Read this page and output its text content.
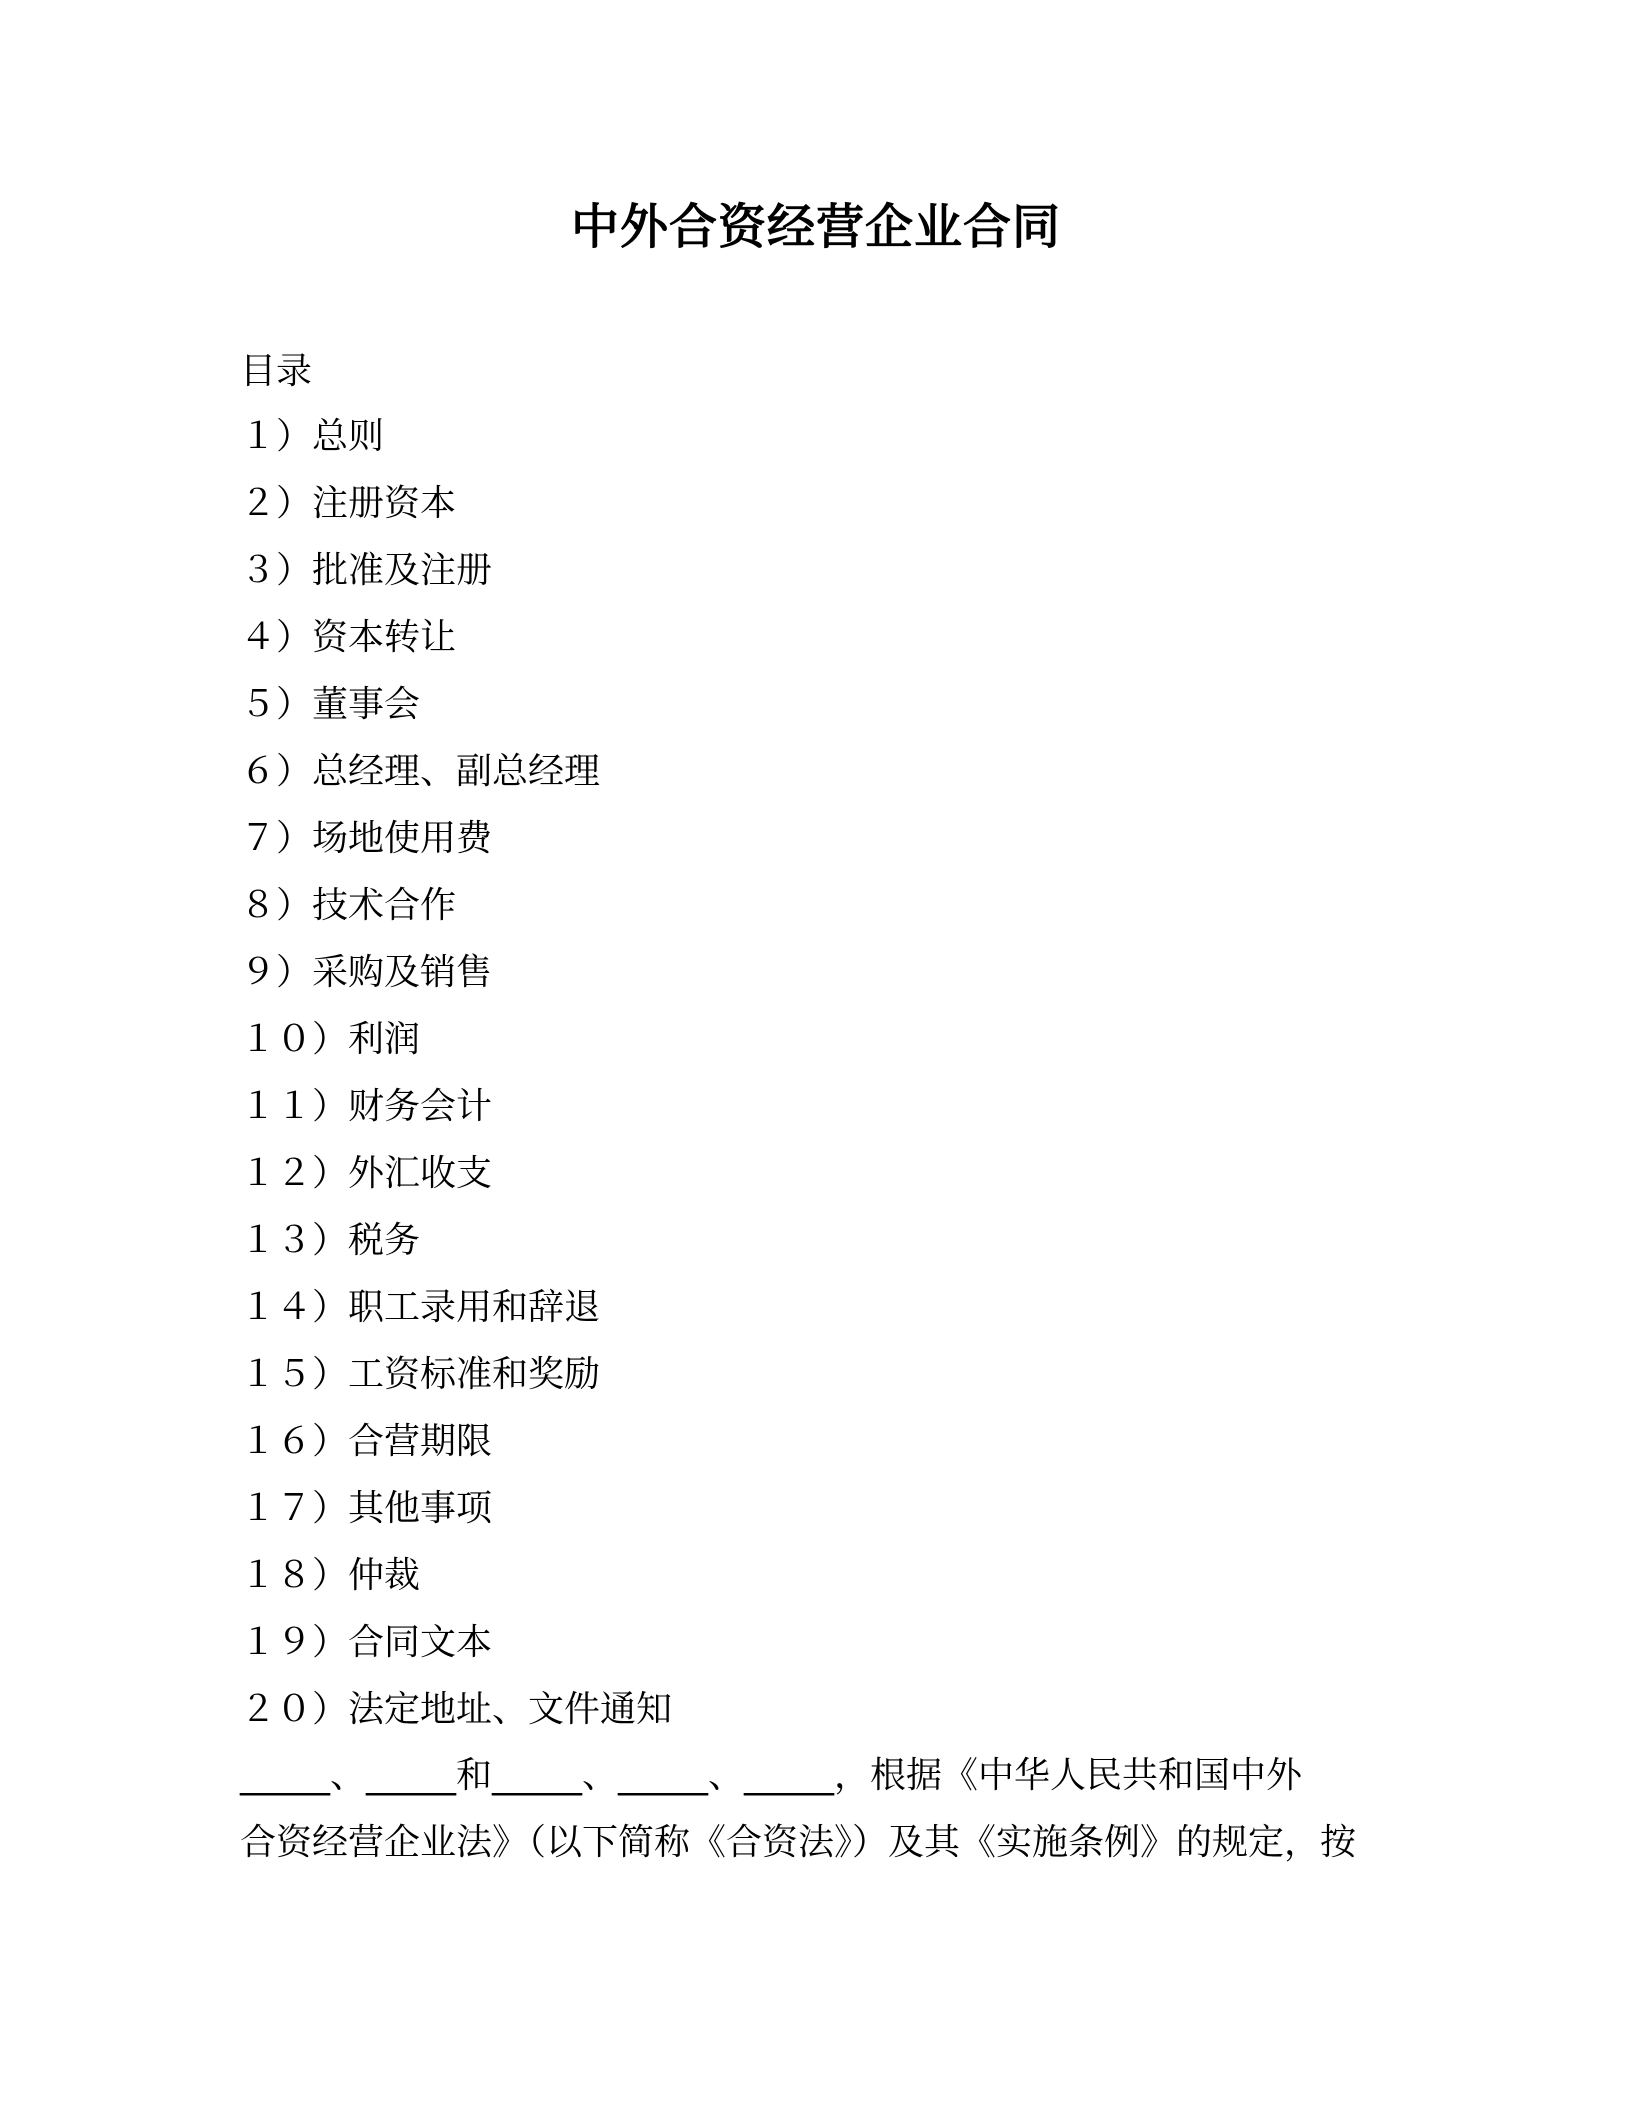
中外合资经营企业合同
目录
１）总则
２）注册资本
３）批准及注册
４）资本转让
５）董事会
６）总经理、副总经理
７）场地使用费
８）技术合作
９）采购及销售
１０）利润
１１）财务会计
１２）外汇收支
１３）税务
１４）职工录用和辞退
１５）工资标准和奖励
１６）合营期限
１７）其他事项
１８）仲裁
１９）合同文本
２０）法定地址、文件通知

_____、_____和_____、_____、_____，根据《中华人民共和国中外
合资经营企业法》（以下简称《合资法》）及其《实施条例》的规定，按
